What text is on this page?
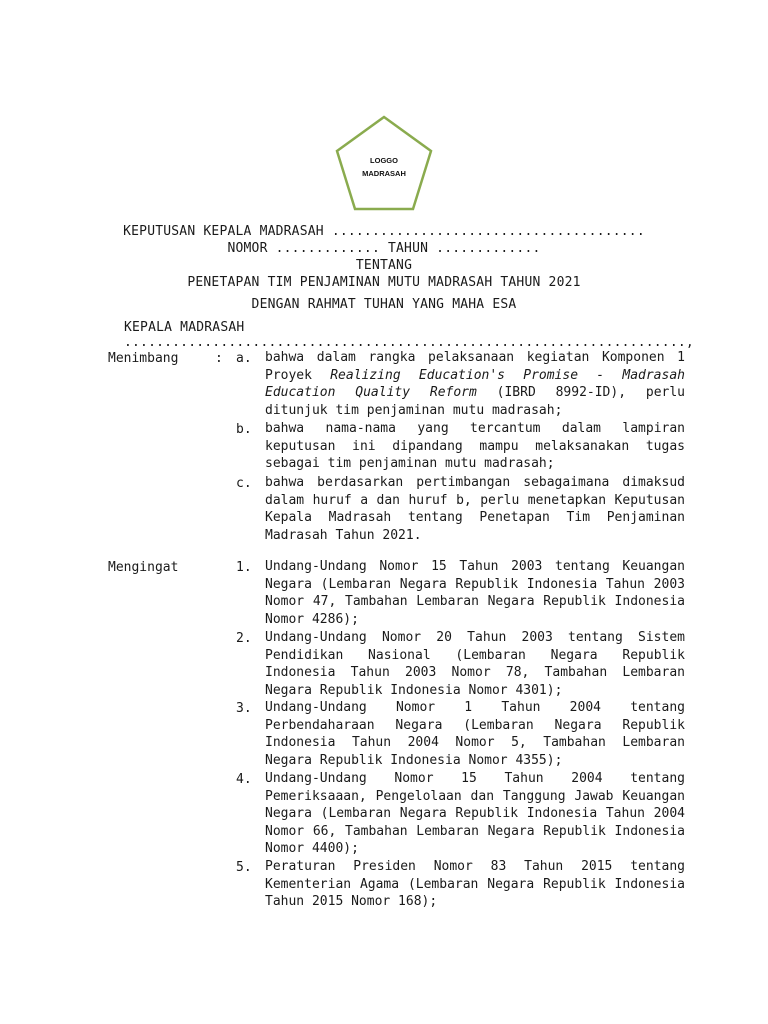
LOGGO
MADRASAH
KEPUTUSAN KEPALA MADRASAH .......................................
NOMOR ............. TAHUN .............
TENTANG
PENETAPAN TIM PENJAMINAN MUTU MADRASAH TAHUN 2021
DENGAN RAHMAT TUHAN YANG MAHA ESA
KEPALA MADRASAH ......................................................................,
Menimbang	: a. bahwa dalam rangka pelaksanaan kegiatan Komponen 1 Proyek Realizing Education's Promise - Madrasah Education Quality Reform (IBRD 8992-ID), perlu ditunjuk tim penjaminan mutu madrasah;
b. bahwa nama-nama yang tercantum dalam lampiran keputusan ini dipandang mampu melaksanakan tugas sebagai tim penjaminan mutu madrasah;
c. bahwa berdasarkan pertimbangan sebagaimana dimaksud dalam huruf a dan huruf b, perlu menetapkan Keputusan Kepala Madrasah tentang Penetapan Tim Penjaminan Madrasah Tahun 2021.
Mengingat	1. Undang-Undang Nomor 15 Tahun 2003 tentang Keuangan Negara (Lembaran Negara Republik Indonesia Tahun 2003 Nomor 47, Tambahan Lembaran Negara Republik Indonesia Nomor 4286);
2. Undang-Undang Nomor 20 Tahun 2003 tentang Sistem Pendidikan Nasional (Lembaran Negara Republik Indonesia Tahun 2003 Nomor 78, Tambahan Lembaran Negara Republik Indonesia Nomor 4301);
3. Undang-Undang Nomor 1 Tahun 2004 tentang Perbendaharaan Negara (Lembaran Negara Republik Indonesia Tahun 2004 Nomor 5, Tambahan Lembaran Negara Republik Indonesia Nomor 4355);
4. Undang-Undang Nomor 15 Tahun 2004 tentang Pemeriksaaan, Pengelolaan dan Tanggung Jawab Keuangan Negara (Lembaran Negara Republik Indonesia Tahun 2004 Nomor 66, Tambahan Lembaran Negara Republik Indonesia Nomor 4400);
5. Peraturan Presiden Nomor 83 Tahun 2015 tentang Kementerian Agama (Lembaran Negara Republik Indonesia Tahun 2015 Nomor 168);
